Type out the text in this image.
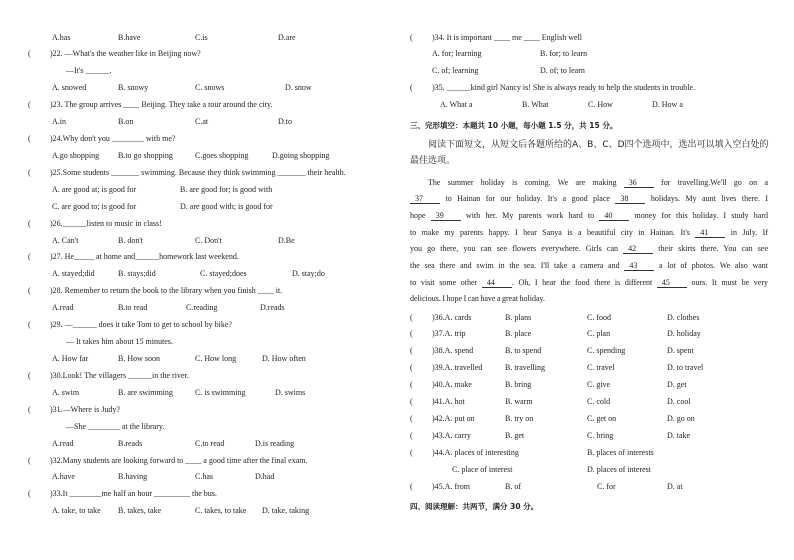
A.has	B.have	C.is	D.are
( )22. —What's the weather like in Beijing now?
—It's ______.
A. snowed	B. snowy	C. snows	D. snow
( )23. The group arrives ____ Beijing. They take a tour around the city.
A.in	B.on	C.at	D.to
( )24.Why don't you ________ with me?
A.go shopping B.to go shopping	C.goes shopping	D.going shopping
( )25.Some students _______ swimming. Because they think swimming _______ their health.
A. are good at; is good for	B. are good for; is good with
C. are good to; is good for	D. are good with; is good for
( )26.______listen to music in class!
A. Can't	B. don't	C. Don't	D.Be
( )27. He_____ at home and______homework last weekend.
A. stayed;did	B. stays;did	C. stayed;does	D. stay;do
( )28. Remember to return the book to the library when you finish ____ it.
A.read	B.to read	C.reading	D.reads
( )29. —______ does it take Tom to get to school by bike?
— It takes him about 15 minutes.
A. How far	B. How soon	C. How long	D. How often
( )30.Look! The villagers ______in the river.
A. swim	B. are swimming	C. is swimming	D. swims
( )31.—Where is Judy?
—She ________ at the library.
A.read	B.reads	C.to read	D.is reading
( )32.Many students are looking forward to ____ a good time after the final exam.
A.have	B.having	C.has	D.had
( )33.It ________me half an hour _________ the bus.
A. take, to take B. takes, take	C. takes, to take D. take, taking
( )34. It is important ____ me ____ English well
A. for; learning	B. for; to learn
C. of; learning	D. of; to learn
( )35. ______kind girl Nancy is! She is always ready to help the students in trouble.
A. What a	B. What	C. How	D. How a
三、完形填空：本题共 10 小题，每小题 1.5 分，共 15 分。
阅读下面短文，从短文后各题所给的A、B、C、D四个选项中，选出可以填入空白处的
最佳选项。
The summer holiday is coming. We are making 36 for travelling.We'll go on a
37 to Hainan for our holiday. It's a good place 38 holidays. My aunt lives there. I
hope 39 with her. My parents work hard to 40 money for this holiday. I study hard
to make my parents happy. I hear Sanya is a beautiful city in Hainan. It's 41 in July. If
you go there, you can see flowers everywhere. Girls can 42 their skirts there. You can see
the sea there and swim in the sea. I'll take a camera and 43 a lot of photos. We also want
to visit some other 44 . Oh, I hear the food there is different 45 ours. It must be very
delicious. I hope I can have a great holiday.
( )36.A. cards	B. plans	C. food	D. clothes
( )37.A. trip	B. place	C. plan	D. holiday
( )38.A. spend	B. to spend	C. spending	D. spent
( )39.A. travelled	B. travelling	C. travel	D. to travel
( )40.A. make	B. bring	C. give	D. get
( )41.A. hot	B. warm	C. cold	D. cool
( )42.A. put on	B. try on	C. get on	D. go on
( )43.A. carry	B. get	C. bring	D. take
( )44.A. places of interesting	B. places of interests
C. place of interest	D. places of interest
( )45.A. from	B. of	C. for	D. at
四、阅读理解：共两节，满分 30 分。
